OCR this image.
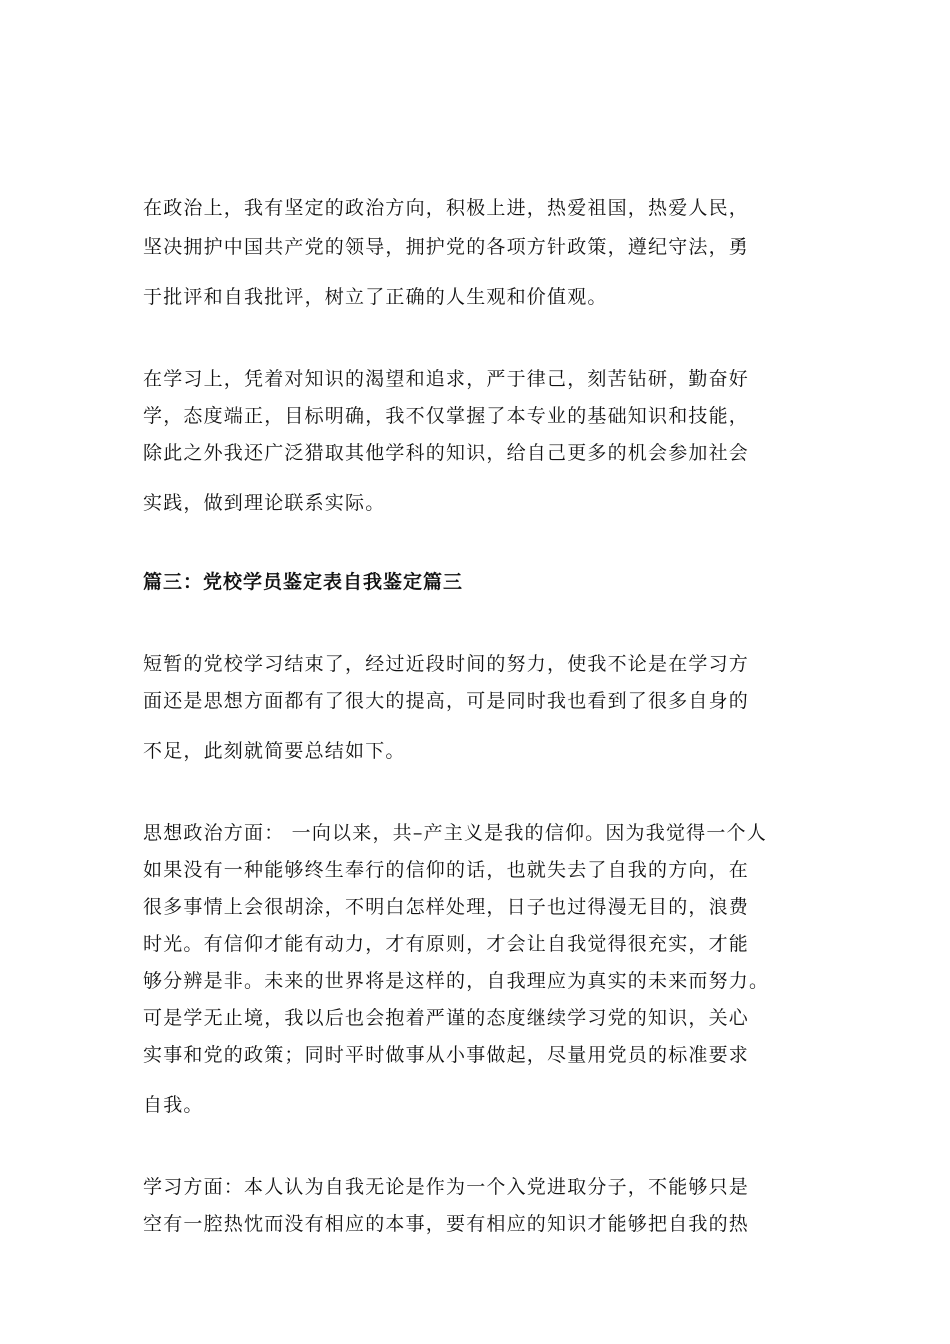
在政治上，我有坚定的政治方向，积极上进，热爱祖国，热爱人民，
坚决拥护中国共产党的领导，拥护党的各项方针政策，遵纪守法，勇
于批评和自我批评，树立了正确的人生观和价值观。
在学习上，凭着对知识的渴望和追求，严于律己，刻苦钻研，勤奋好
学，态度端正，目标明确，我不仅掌握了本专业的基础知识和技能，
除此之外我还广泛猎取其他学科的知识，给自己更多的机会参加社会
实践，做到理论联系实际。
篇三：党校学员鉴定表自我鉴定篇三
短暂的党校学习结束了，经过近段时间的努力，使我不论是在学习方
面还是思想方面都有了很大的提高，可是同时我也看到了很多自身的
不足，此刻就简要总结如下。
思想政治方面： 一向以来，共–产主义是我的信仰。因为我觉得一个人
如果没有一种能够终生奉行的信仰的话，也就失去了自我的方向，在
很多事情上会很胡涂，不明白怎样处理，日子也过得漫无目的，浪费
时光。有信仰才能有动力，才有原则，才会让自我觉得很充实，才能
够分辨是非。未来的世界将是这样的，自我理应为真实的未来而努力。
可是学无止境，我以后也会抱着严谨的态度继续学习党的知识，关心
实事和党的政策；同时平时做事从小事做起，尽量用党员的标准要求
自我。
学习方面：本人认为自我无论是作为一个入党进取分子，不能够只是
空有一腔热忱而没有相应的本事，要有相应的知识才能够把自我的热
